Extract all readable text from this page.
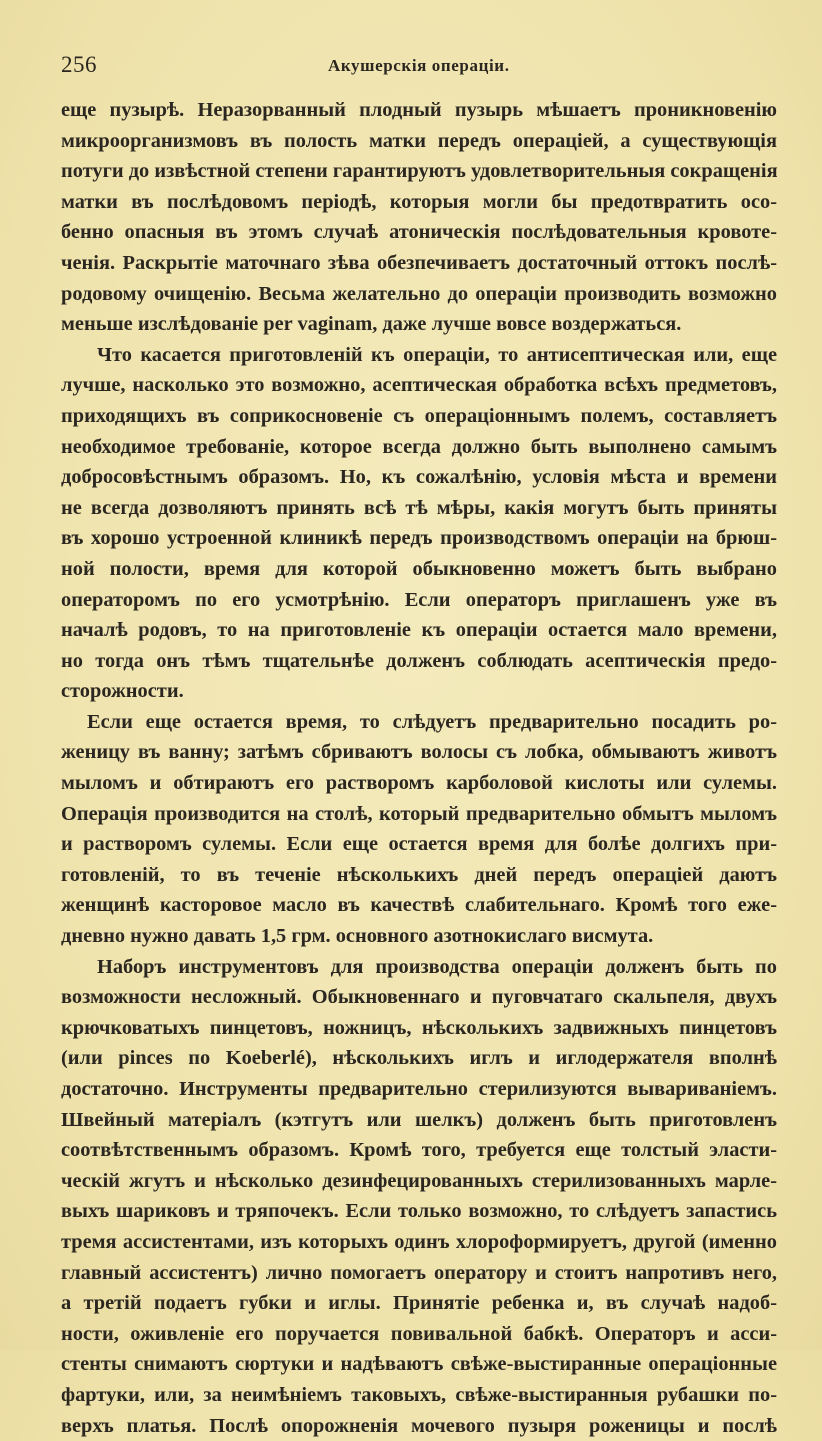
256	Акушерскія операціи.
еще пузырѣ. Неразорванный плодный пузырь мѣшаетъ проникновенію
микроорганизмовъ въ полость матки передъ операціей, а существующія
потуги до извѣстной степени гарантируютъ удовлетворительныя сокращенія
матки въ послѣдовомъ періодѣ, которыя могли бы предотвратить осо-
бенно опасныя въ этомъ случаѣ атоническія послѣдовательныя кровоте-
ченія. Раскрытіе маточнаго зѣва обезпечиваетъ достаточный оттокъ послѣ-
родовому очищенію. Весьма желательно до операціи производить возможно
меньше изслѣдованіе per vaginam, даже лучше вовсе воздержаться.
Что касается приготовленій къ операціи, то антисептическая или, еще
лучше, насколько это возможно, асептическая обработка всѣхъ предметовъ,
приходящихъ въ соприкосновеніе съ операціоннымъ полемъ, составляетъ
необходимое требованіе, которое всегда должно быть выполнено самымъ
добросовѣстнымъ образомъ. Но, къ сожалѣнію, условія мѣста и времени
не всегда дозволяютъ принять всѣ тѣ мѣры, какія могутъ быть приняты
въ хорошо устроенной клиникѣ передъ производствомъ операціи на брюш-
ной полости, время для которой обыкновенно можетъ быть выбрано
операторомъ по его усмотрѣнію. Если операторъ приглашенъ уже въ
началѣ родовъ, то на приготовленіе къ операціи остается мало времени,
но тогда онъ тѣмъ тщательнѣе долженъ соблюдать асептическія предо-
сторожности.
Если еще остается время, то слѣдуетъ предварительно посадить ро-
женицу въ ванну; затѣмъ сбриваютъ волосы съ лобка, обмываютъ животъ
мыломъ и обтираютъ его растворомъ карболовой кислоты или сулемы.
Операція производится на столѣ, который предварительно обмытъ мыломъ
и растворомъ сулемы. Если еще остается время для болѣе долгихъ при-
готовленій, то въ теченіе нѣсколькихъ дней передъ операціей даютъ
женщинѣ касторовое масло въ качествѣ слабительнаго. Кромѣ того еже-
дневно нужно давать 1,5 грм. основного азотнокислаго висмута.
Наборъ инструментовъ для производства операціи долженъ быть по
возможности несложный. Обыкновеннаго и пуговчатаго скальпеля, двухъ
крючковатыхъ пинцетовъ, ножницъ, нѣсколькихъ задвижныхъ пинцетовъ
(или pinces по Koeberlé), нѣсколькихъ иглъ и иглодержателя вполнѣ
достаточно. Инструменты предварительно стерилизуются вывариваніемъ.
Швейный матеріалъ (кэтгутъ или шелкъ) долженъ быть приготовленъ
соотвѣтственнымъ образомъ. Кромѣ того, требуется еще толстый эласти-
ческій жгутъ и нѣсколько дезинфецированныхъ стерилизованныхъ марле-
выхъ шариковъ и тряпочекъ. Если только возможно, то слѣдуетъ запастись
тремя ассистентами, изъ которыхъ одинъ хлороформируетъ, другой (именно
главный ассистентъ) лично помогаетъ оператору и стоитъ напротивъ него,
а третій подаетъ губки и иглы. Принятіе ребенка и, въ случаѣ надоб-
ности, оживленіе его поручается повивальной бабкѣ. Операторъ и асси-
стенты снимаютъ сюртуки и надѣваютъ свѣже-выстиранные операціонные
фартуки, или, за неимѣніемъ таковыхъ, свѣже-выстиранныя рубашки по-
верхъ платья. Послѣ опорожненія мочевого пузыря роженицы и послѣ
